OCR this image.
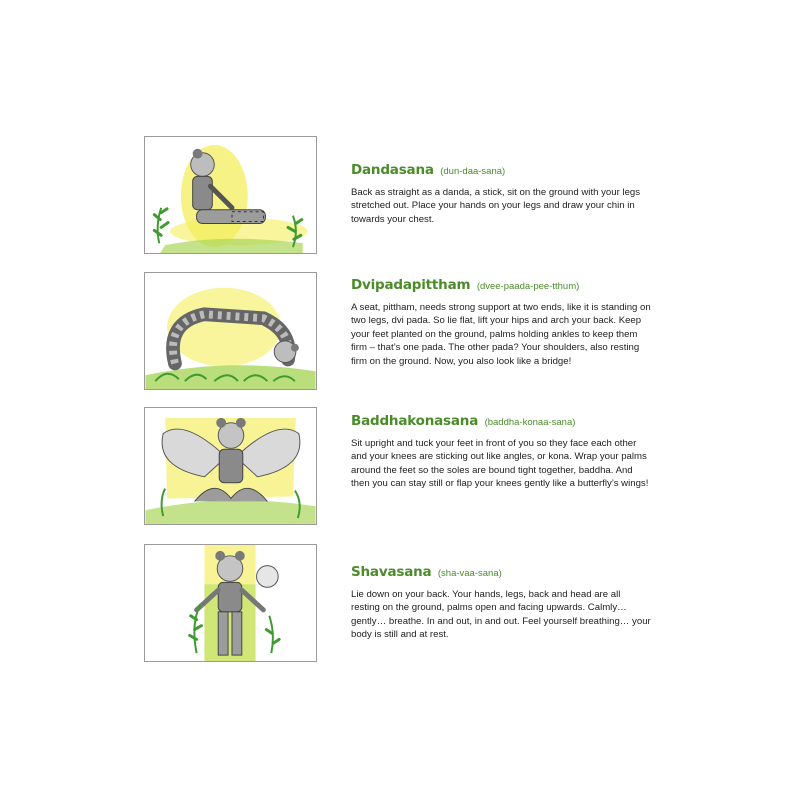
Dandasana (dun-daa-sana)

Back as straight as a danda, a stick, sit on the ground with your legs stretched out. Place your hands on your legs and draw your chin in towards your chest.

Dvipadapittham (dvee-paada-pee-tthum)

A seat, pittham, needs strong support at two ends, like it is standing on two legs, dvi pada. So lie flat, lift your hips and arch your back. Keep your feet planted on the ground, palms holding ankles to keep them firm – that’s one pada. The other pada? Your shoulders, also resting firm on the ground. Now, you also look like a bridge!

Baddhakonasana (baddha-konaa-sana)

Sit upright and tuck your feet in front of you so they face each other and your knees are sticking out like angles, or kona. Wrap your palms around the feet so the soles are bound tight together, baddha. And then you can stay still or flap your knees gently like a butterfly’s wings!

Shavasana (sha-vaa-sana)

Lie down on your back. Your hands, legs, back and head are all resting on the ground, palms open and facing upwards. Calmly… gently… breathe. In and out, in and out. Feel yourself breathing… your body is still and at rest.
